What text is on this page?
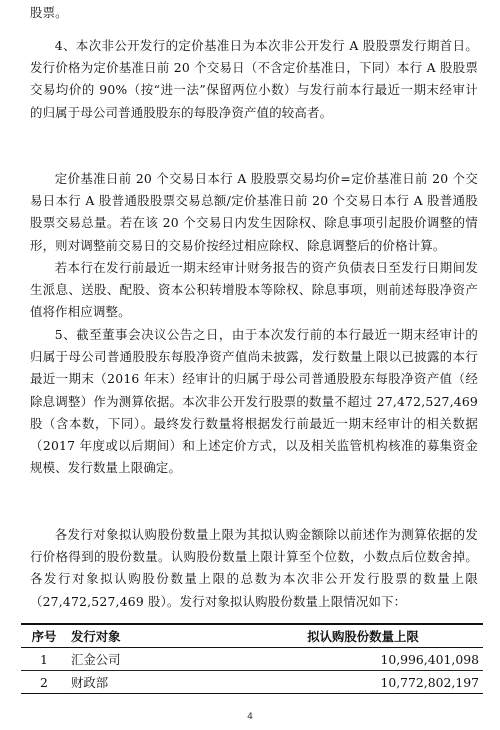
股票。

4、本次非公开发行的定价基准日为本次非公开发行 A 股股票发行期首日。发行价格为定价基准日前 20 个交易日（不含定价基准日，下同）本行 A 股股票交易均价的 90%（按“进一法”保留两位小数）与发行前本行最近一期末经审计的归属于母公司普通股股东的每股净资产值的较高者。

定价基准日前 20 个交易日本行 A 股股票交易均价=定价基准日前 20 个交易日本行 A 股普通股股票交易总额/定价基准日前 20 个交易日本行 A 股普通股股票交易总量。若在该 20 个交易日内发生因除权、除息事项引起股价调整的情形，则对调整前交易日的交易价按经过相应除权、除息调整后的价格计算。

若本行在发行前最近一期末经审计财务报告的资产负债表日至发行日期间发生派息、送股、配股、资本公积转增股本等除权、除息事项，则前述每股净资产值将作相应调整。

5、截至董事会决议公告之日，由于本次发行前的本行最近一期末经审计的归属于母公司普通股股东每股净资产值尚未披露，发行数量上限以已披露的本行最近一期末（2016 年末）经审计的归属于母公司普通股股东每股净资产值（经除息调整）作为测算依据。本次非公开发行股票的数量不超过 27,472,527,469 股（含本数，下同）。最终发行数量将根据发行前最近一期末经审计的相关数据（2017 年度或以后期间）和上述定价方式，以及相关监管机构核准的募集资金规模、发行数量上限确定。

各发行对象拟认购股份数量上限为其拟认购金额除以前述作为测算依据的发行价格得到的股份数量。认购股份数量上限计算至个位数，小数点后位数舍掉。各发行对象拟认购股份数量上限的总数为本次非公开发行股票的数量上限（27,472,527,469 股）。发行对象拟认购股份数量上限情况如下：

序号	发行对象	拟认购股份数量上限
1	汇金公司	10,996,401,098
2	财政部	10,772,802,197
4
